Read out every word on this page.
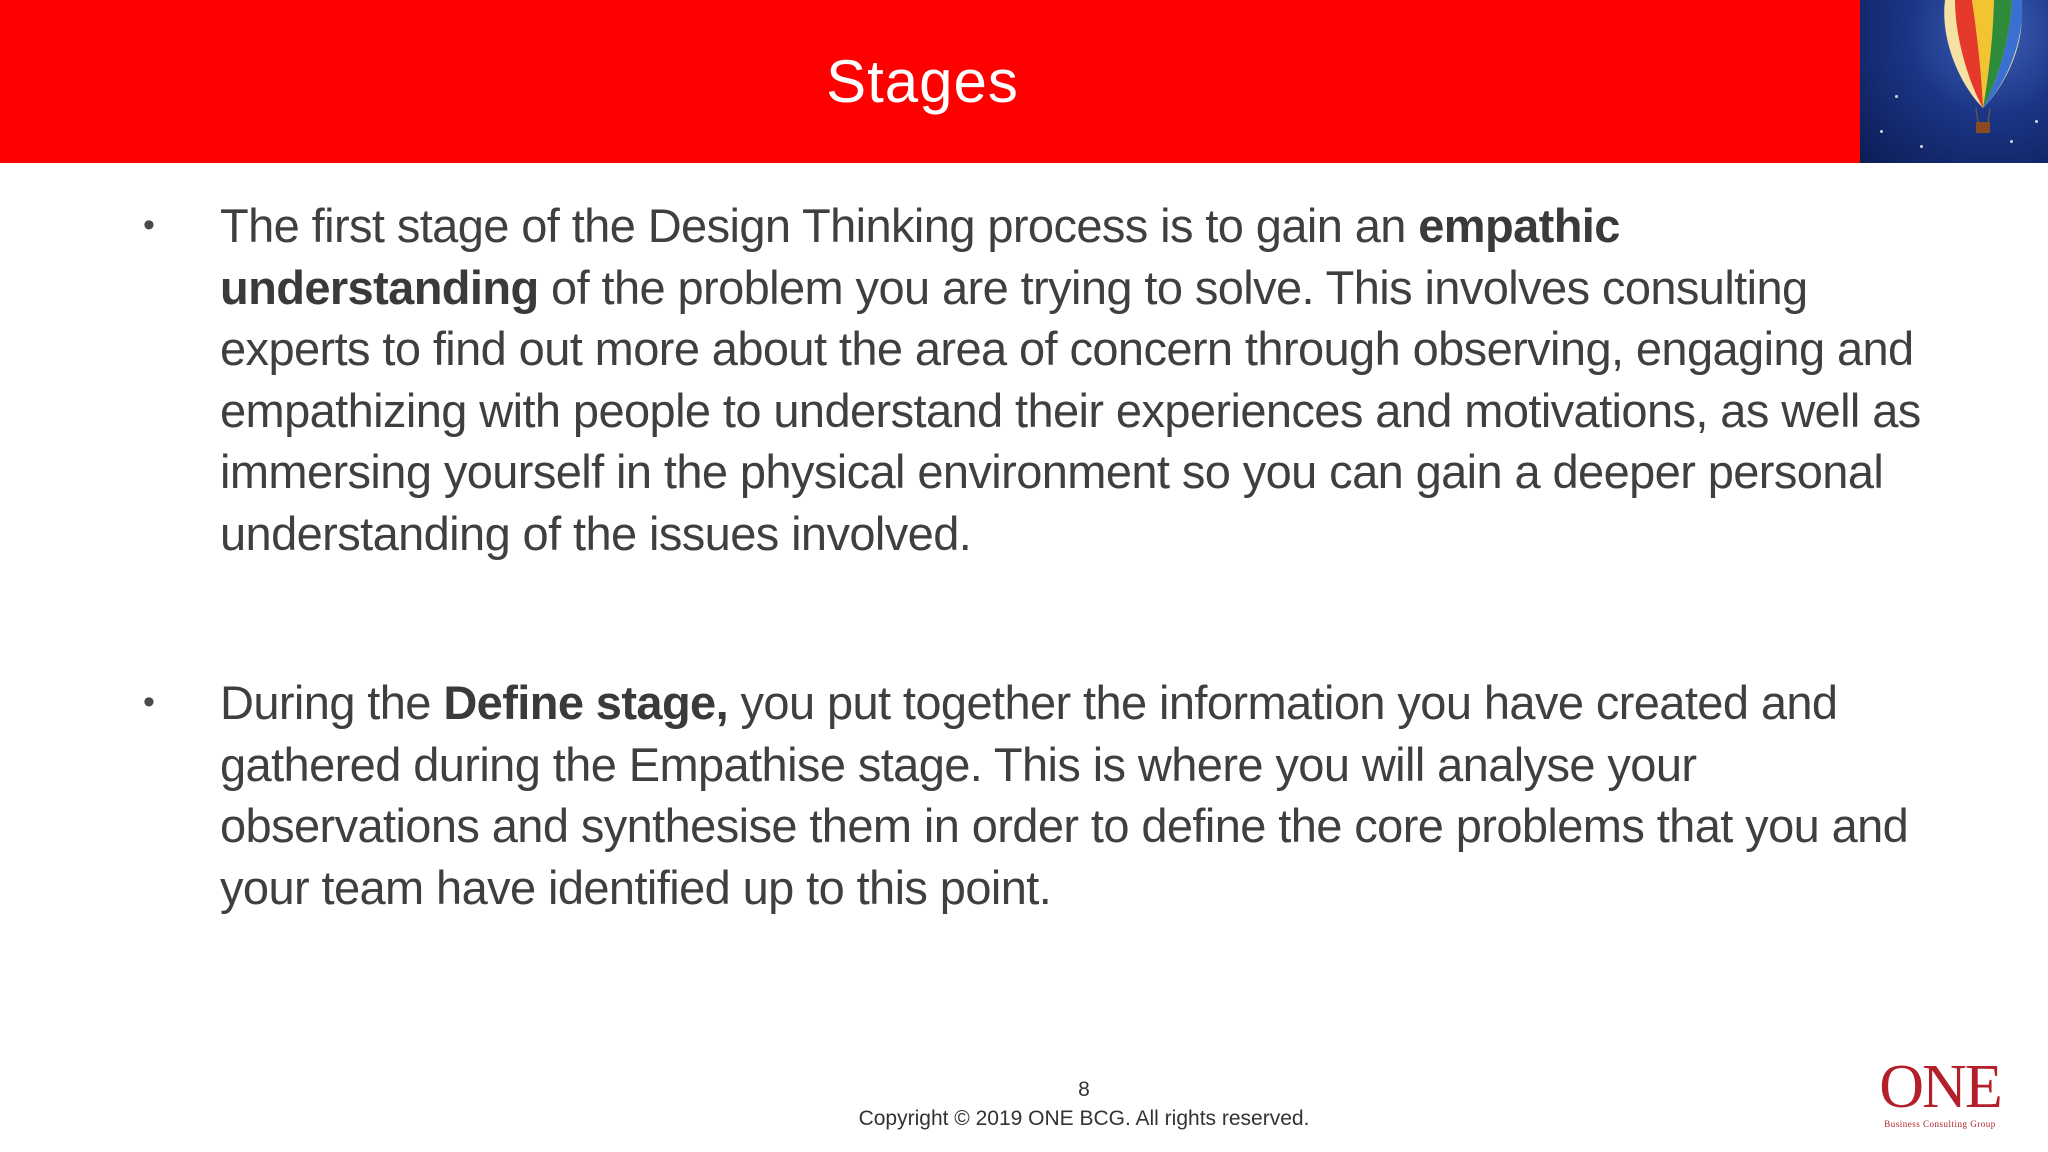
Stages
• The first stage of the Design Thinking process is to gain an empathic understanding of the problem you are trying to solve. This involves consulting experts to find out more about the area of concern through observing, engaging and empathizing with people to understand their experiences and motivations, as well as immersing yourself in the physical environment so you can gain a deeper personal understanding of the issues involved.
• During the Define stage, you put together the information you have created and gathered during the Empathise stage. This is where you will analyse your observations and synthesise them in order to define the core problems that you and your team have identified up to this point.
8
Copyright © 2019 ONE BCG. All rights reserved.	ONE
Business Consulting Group
